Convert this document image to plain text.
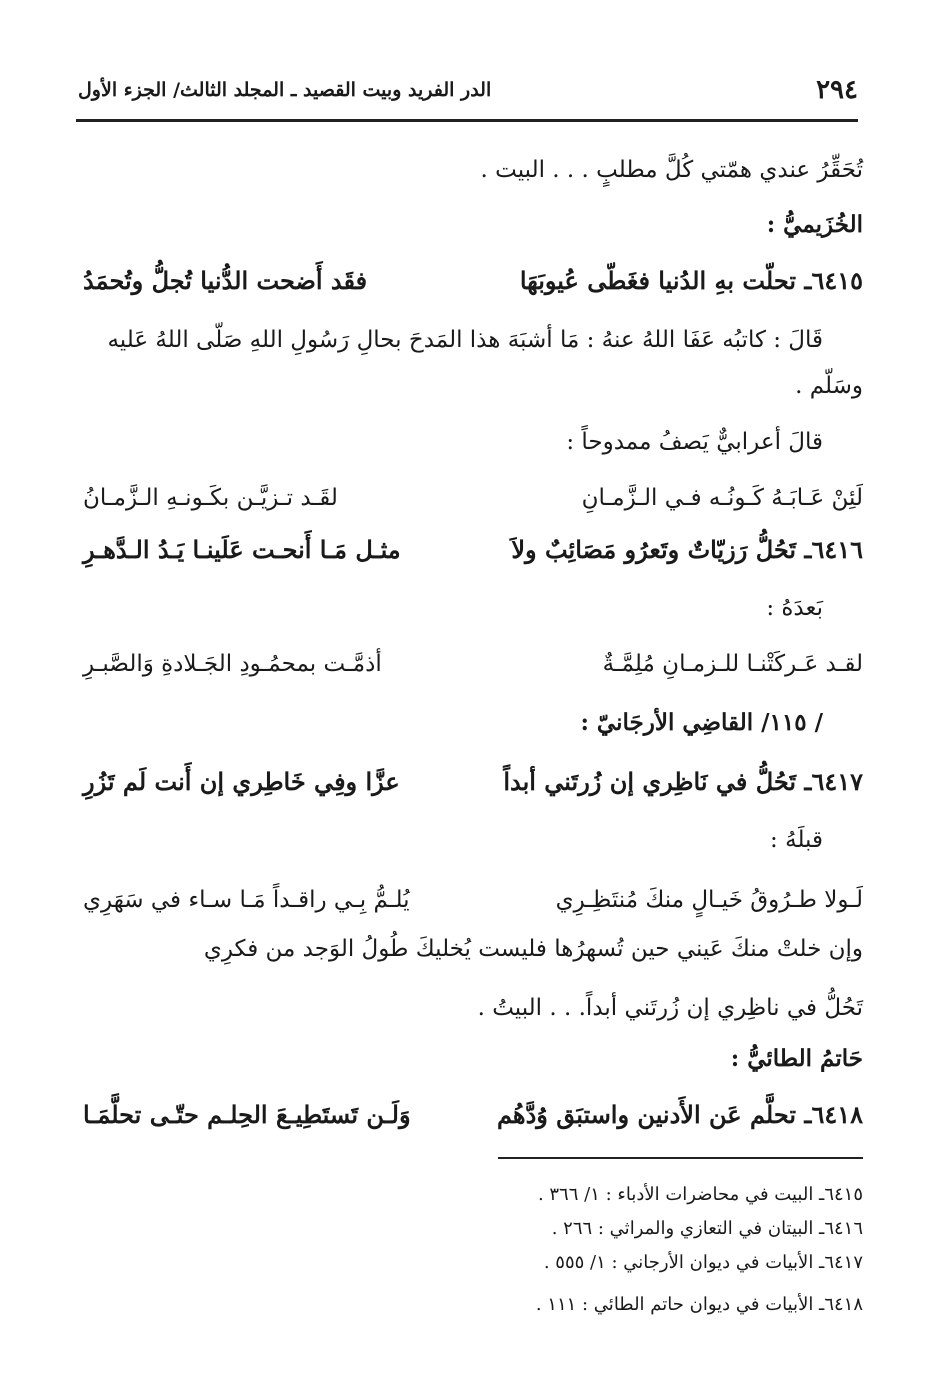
٢٩٤
الدر الفريد وبيت القصيد ـ المجلد الثالث/ الجزء الأول
تُحَقِّرُ عندي همّتي كُلَّ مطلبٍ . . . البيت .
الخُزَيميُّ :
٦٤١٥ـ تحلّت بهِ الدُنيا فغَطّى عُيوبَهَا
فقَد أَضحت الدُّنيا تُجلُّ وتُحمَدُ
قَالَ : كاتبُه عَفَا اللهُ عنهُ : مَا أشبَهَ هذا المَدحَ بحالِ رَسُولِ اللهِ صَلّى اللهُ عَليه
وسَلّم .
قالَ أعرابيٌّ يَصفُ ممدوحاً :
لَئِنْ عَـابَـهُ كَـونُـه فـي الـزَّمـانِ
لقَـد تـزيَّـن بكَـونـهِ الـزَّمـانُ
٦٤١٦ـ تَحُلُّ رَزيّاتٌ وتَعرُو مَصَائِبٌ ولاَ
مثـل مَـا أَنحـت عَلَينـا يَـدُ الـدَّهـرِ
بَعدَهُ :
لقـد عَـركَتْنـا للـزمـانِ مُلِمَّـةٌ
أذمَّـت بمحمُـودِ الجَـلادةِ وَالصَّبـرِ
/ ١١٥/ القاضِي الأرجَانيّ :
٦٤١٧ـ تَحُلُّ في نَاظِري إن زُرتَني أبداً
عزَّا وفِي خَاطِري إن أَنت لَم تَزُرِ
قبلَهُ :
لَـولا طـرُوقُ خَيـالٍ منكَ مُنتَظِـرِي
يُلـمُّ بِـي راقـداً مَـا سـاء في سَهَرِي
وإن خلتْ منكَ عَيني حين تُسهرُها فليست يُخليكَ طُولُ الوَجد من فكرِي
تَحُلُّ في ناظِري إن زُرتَني أبداً. . . البيتُ .
حَاتمُ الطائيُّ :
٦٤١٨ـ تحلَّم عَن الأَدنين واستبَق وُدَّهُم
وَلَـن تَستَطِيـعَ الحِلـم حتّـى تحلَّمَـا
٦٤١٥ـ البيت في محاضرات الأدباء : ١/ ٣٦٦ .
٦٤١٦ـ البيتان في التعازي والمراثي : ٢٦٦ .
٦٤١٧ـ الأبيات في ديوان الأرجاني : ١/ ٥٥٥ .
٦٤١٨ـ الأبيات في ديوان حاتم الطائي : ١١١ .
